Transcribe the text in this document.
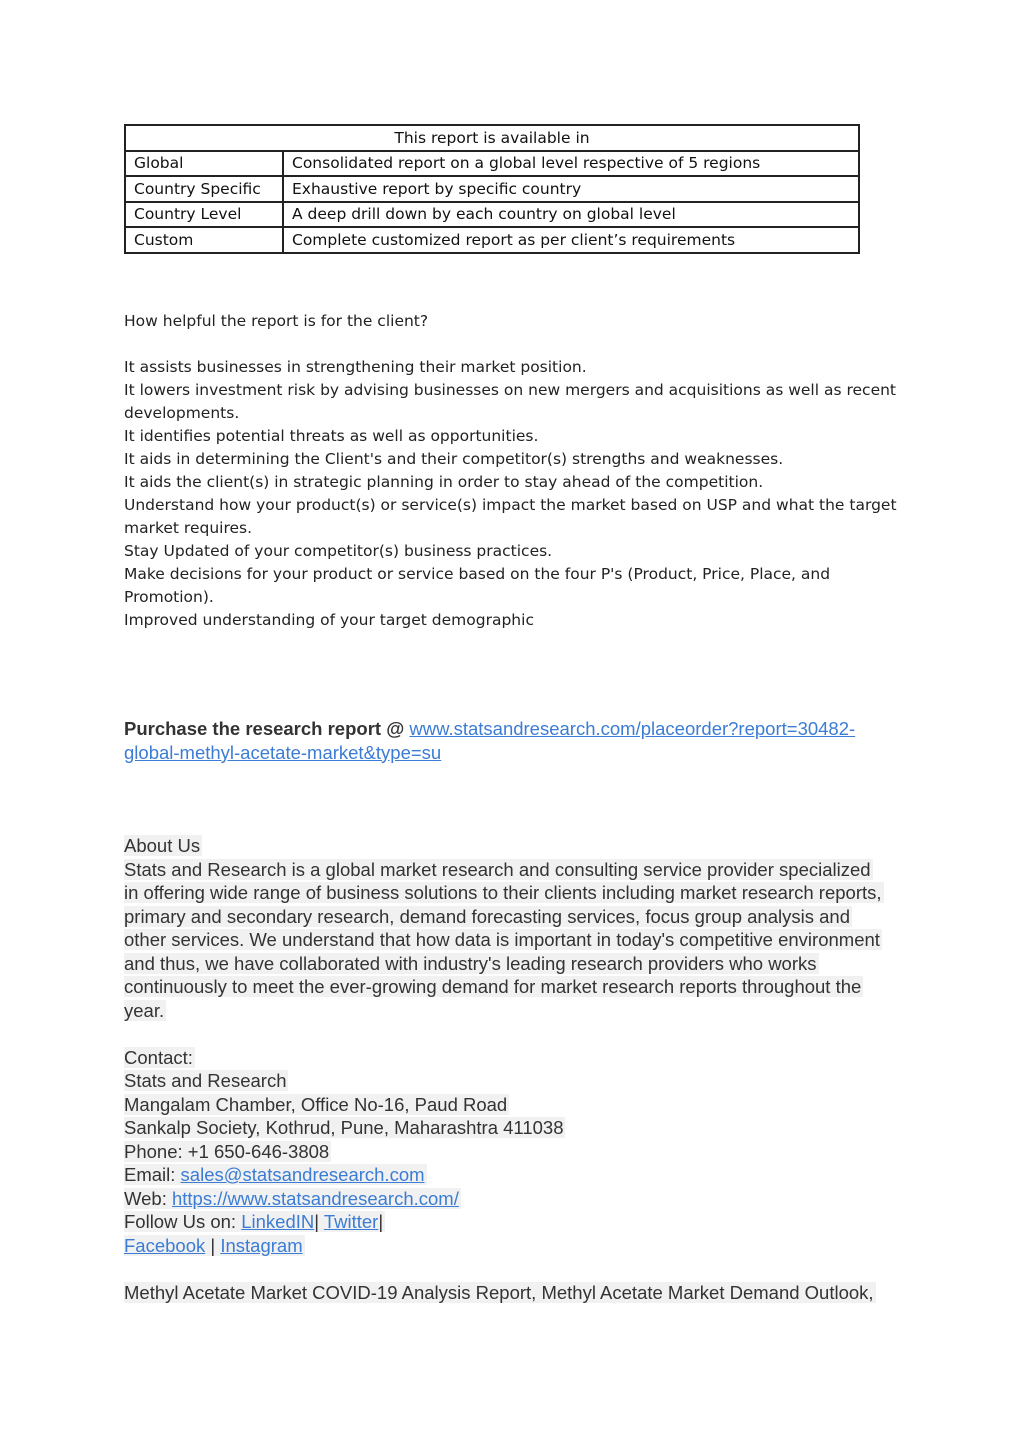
This report is available in	
Global	Consolidated report on a global level respective of 5 regions
Country Specific	Exhaustive report by specific country
Country Level	A deep drill down by each country on global level
Custom	Complete customized report as per client’s requirements
How helpful the report is for the client?
It assists businesses in strengthening their market position.
It lowers investment risk by advising businesses on new mergers and acquisitions as well as recent developments.
It identifies potential threats as well as opportunities.
It aids in determining the Client's and their competitor(s) strengths and weaknesses.
It aids the client(s) in strategic planning in order to stay ahead of the competition.
Understand how your product(s) or service(s) impact the market based on USP and what the target market requires.
Stay Updated of your competitor(s) business practices.
Make decisions for your product or service based on the four P's (Product, Price, Place, and Promotion).
Improved understanding of your target demographic
Purchase the research report @ www.statsandresearch.com/placeorder?report=30482-global-methyl-acetate-market&type=su
About Us
Stats and Research is a global market research and consulting service provider specialized
in offering wide range of business solutions to their clients including market research reports,
primary and secondary research, demand forecasting services, focus group analysis and
other services. We understand that how data is important in today's competitive environment
and thus, we have collaborated with industry's leading research providers who works
continuously to meet the ever-growing demand for market research reports throughout the
year.
Contact:
Stats and Research
Mangalam Chamber, Office No-16, Paud Road
Sankalp Society, Kothrud, Pune, Maharashtra 411038
Phone: +1 650-646-3808
Email: sales@statsandresearch.com
Web: https://www.statsandresearch.com/
Follow Us on: LinkedIN| Twitter|
Facebook | Instagram
Methyl Acetate Market COVID-19 Analysis Report, Methyl Acetate Market Demand Outlook,
